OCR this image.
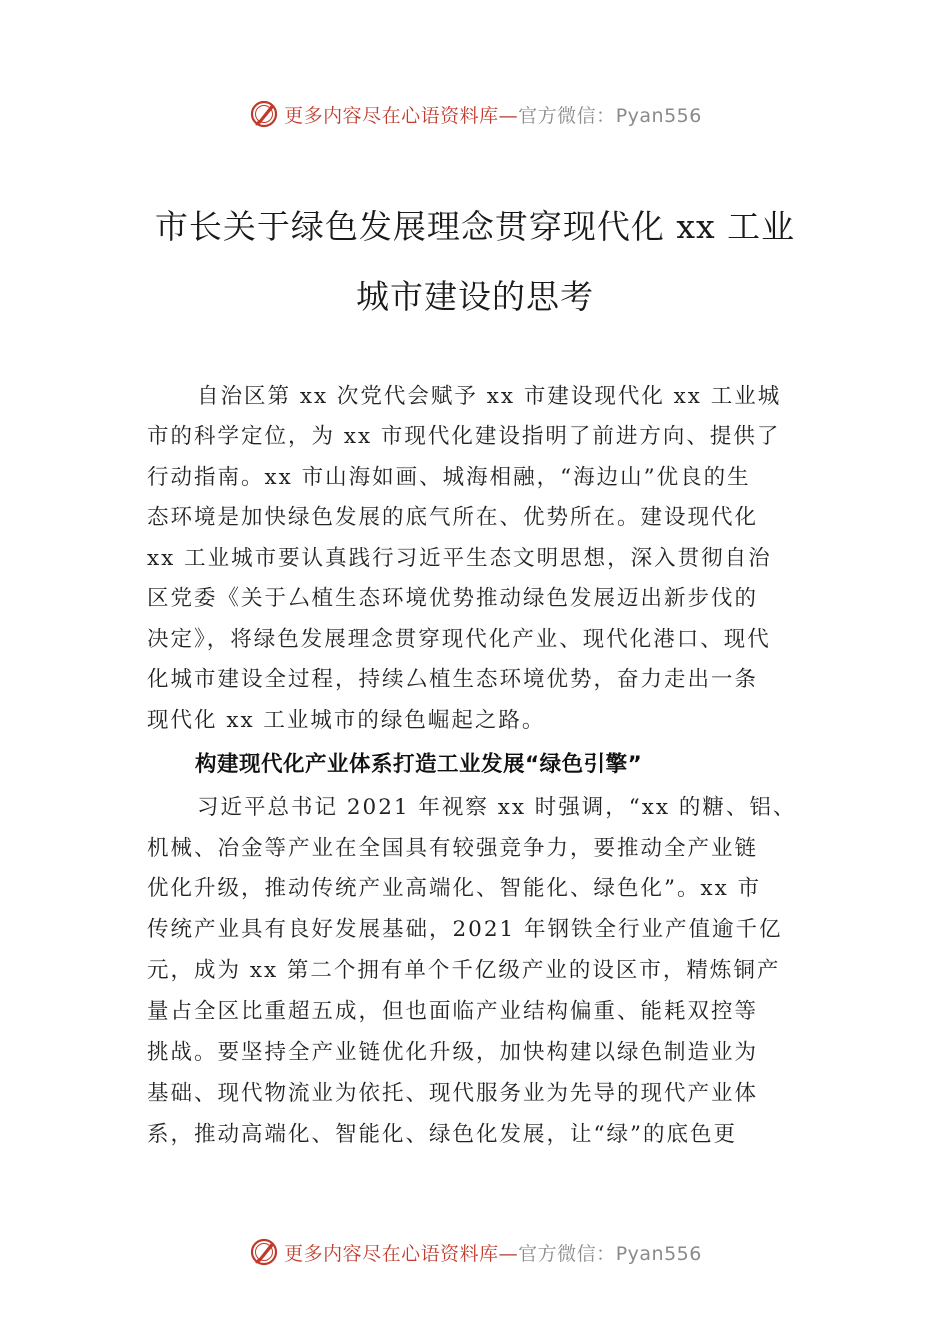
更多内容尽在心语资料库—官方微信：Pyan556
市长关于绿色发展理念贯穿现代化 xx 工业
城市建设的思考
自治区第 xx 次党代会赋予 xx 市建设现代化 xx 工业城
市的科学定位，为 xx 市现代化建设指明了前进方向、提供了
行动指南。xx 市山海如画、城海相融，“海边山”优良的生
态环境是加快绿色发展的底气所在、优势所在。建设现代化
xx 工业城市要认真践行习近平生态文明思想，深入贯彻自治
区党委《关于⼛植生态环境优势推动绿色发展迈出新步伐的
决定》，将绿色发展理念贯穿现代化产业、现代化港口、现代
化城市建设全过程，持续⼛植生态环境优势，奋力走出一条
现代化 xx 工业城市的绿色崛起之路。
构建现代化产业体系打造工业发展“绿色引擎”
习近平总书记 2021 年视察 xx 时强调，“xx 的糖、铝、
机械、冶金等产业在全国具有较强竞争力，要推动全产业链
优化升级，推动传统产业高端化、智能化、绿色化”。xx 市
传统产业具有良好发展基础，2021 年钢铁全行业产值逾千亿
元，成为 xx 第二个拥有单个千亿级产业的设区市，精炼铜产
量占全区比重超五成，但也面临产业结构偏重、能耗双控等
挑战。要坚持全产业链优化升级，加快构建以绿色制造业为
基础、现代物流业为依托、现代服务业为先导的现代产业体
系，推动高端化、智能化、绿色化发展，让“绿”的底色更
更多内容尽在心语资料库—官方微信：Pyan556
